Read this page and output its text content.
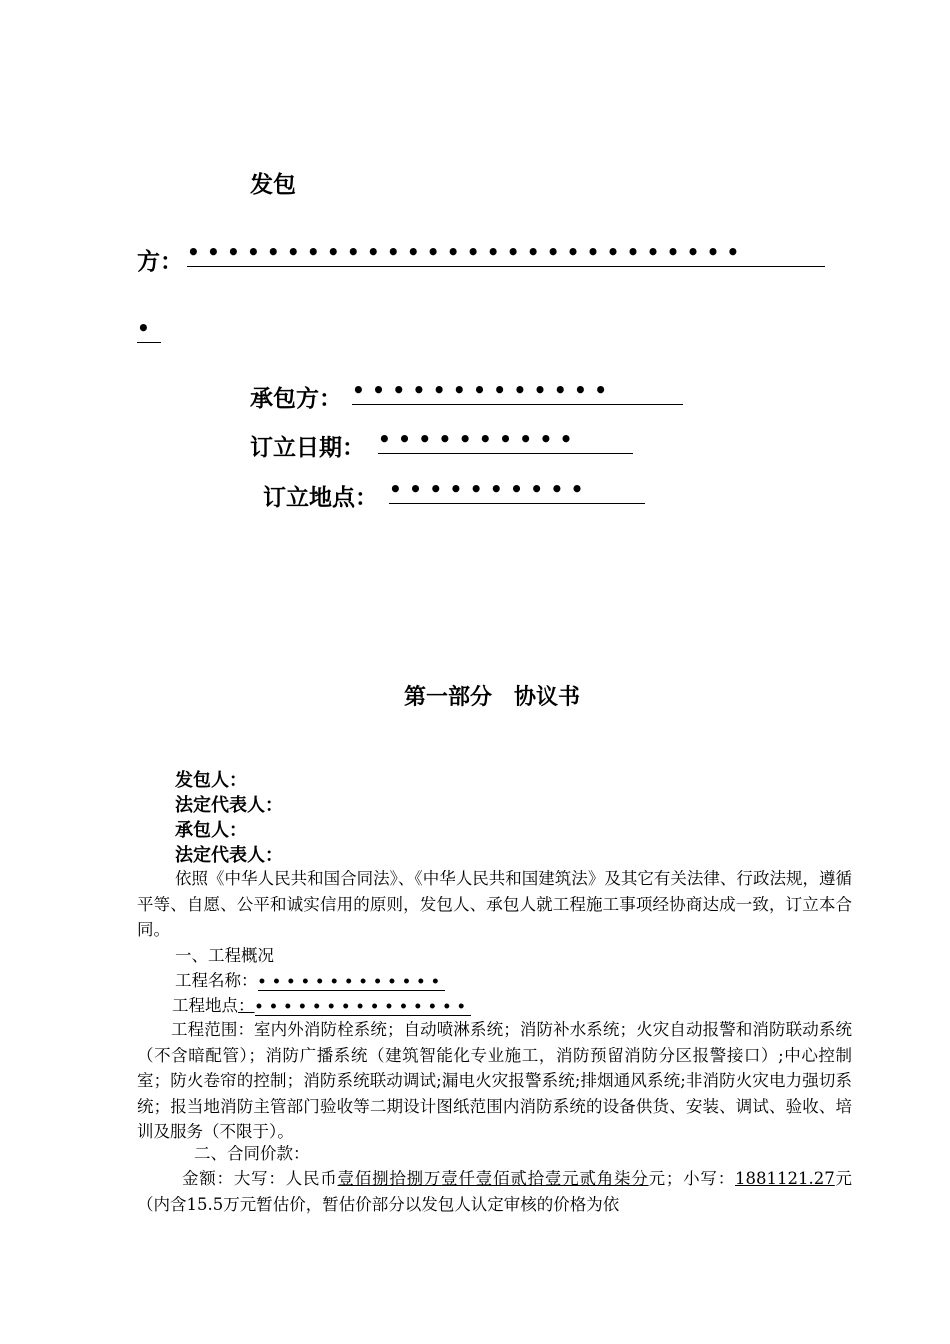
发包
方： ••••••••••••••••••••••••••••
•
承包方： •••••••••••••
订立日期： ••••••••••
订立地点： ••••••••••
第一部分　协议书
发包人：
法定代表人：
承包人：
法定代表人：
依照《中华人民共和国合同法》、《中华人民共和国建筑法》及其它有关法律、行政法规，遵循平等、自愿、公平和诚实信用的原则，发包人、承包人就工程施工事项经协商达成一致，订立本合同。
一、工程概况
工程名称：•••••••••••••
工程地点：•••••••••••••••
工程范围：室内外消防栓系统；自动喷淋系统；消防补水系统；火灾自动报警和消防联动系统（不含暗配管）；消防广播系统（建筑智能化专业施工，消防预留消防分区报警接口）;中心控制室；防火卷帘的控制；消防系统联动调试;漏电火灾报警系统;排烟通风系统;非消防火灾电力强切系统；报当地消防主管部门验收等二期设计图纸范围内消防系统的设备供货、安装、调试、验收、培训及服务（不限于）。
二、合同价款：
金额：大写：人民币壹佰捌拾捌万壹仟壹佰贰拾壹元贰角柒分元；小写：1881121.27元（内含15.5万元暂估价，暂估价部分以发包人认定审核的价格为依
